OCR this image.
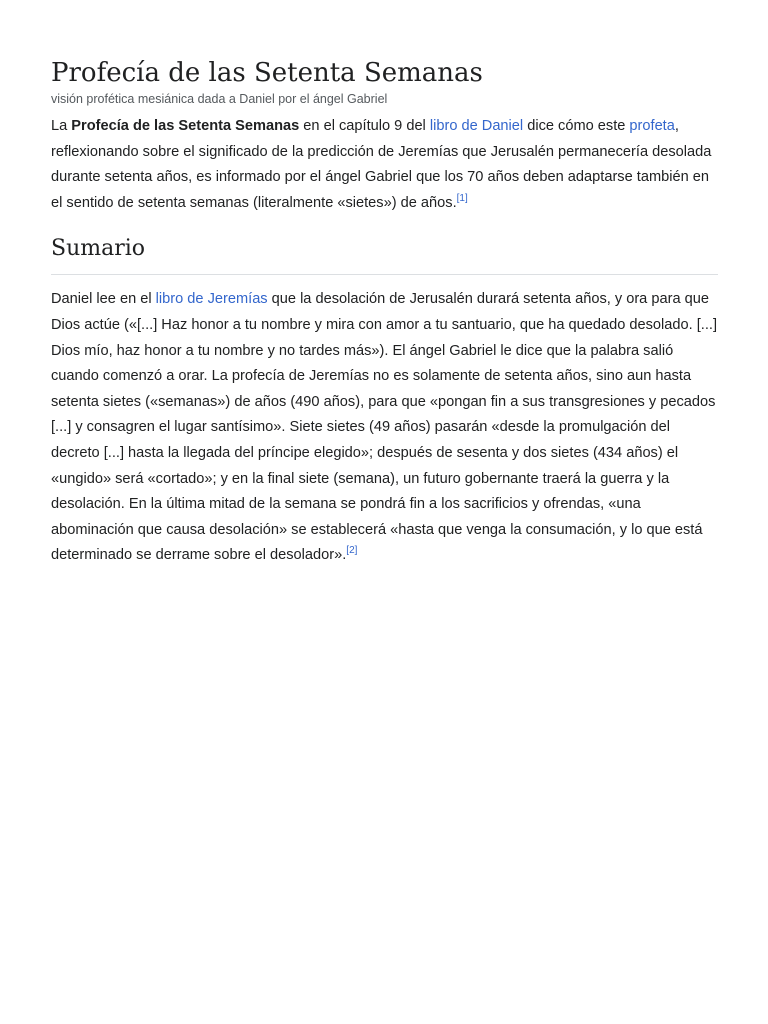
Profecía de las Setenta Semanas
visión profética mesiánica dada a Daniel por el ángel Gabriel

La Profecía de las Setenta Semanas en el capítulo 9 del libro de Daniel dice cómo este profeta, reflexionando sobre el significado de la predicción de Jeremías que Jerusalén permanecería desolada durante setenta años, es informado por el ángel Gabriel que los 70 años deben adaptarse también en el sentido de setenta semanas (literalmente «sietes») de años.[1]

Sumario

Daniel lee en el libro de Jeremías que la desolación de Jerusalén durará setenta años, y ora para que Dios actúe («[...] Haz honor a tu nombre y mira con amor a tu santuario, que ha quedado desolado. [...] Dios mío, haz honor a tu nombre y no tardes más»). El ángel Gabriel le dice que la palabra salió cuando comenzó a orar. La profecía de Jeremías no es solamente de setenta años, sino aun hasta setenta sietes («semanas») de años (490 años), para que «pongan fin a sus transgresiones y pecados [...] y consagren el lugar santísimo». Siete sietes (49 años) pasarán «desde la promulgación del decreto [...] hasta la llegada del príncipe elegido»; después de sesenta y dos sietes (434 años) el «ungido» será «cortado»; y en la final siete (semana), un futuro gobernante traerá la guerra y la desolación. En la última mitad de la semana se pondrá fin a los sacrificios y ofrendas, «una abominación que causa desolación» se establecerá «hasta que venga la consumación, y lo que está determinado se derrame sobre el desolador».[2]
